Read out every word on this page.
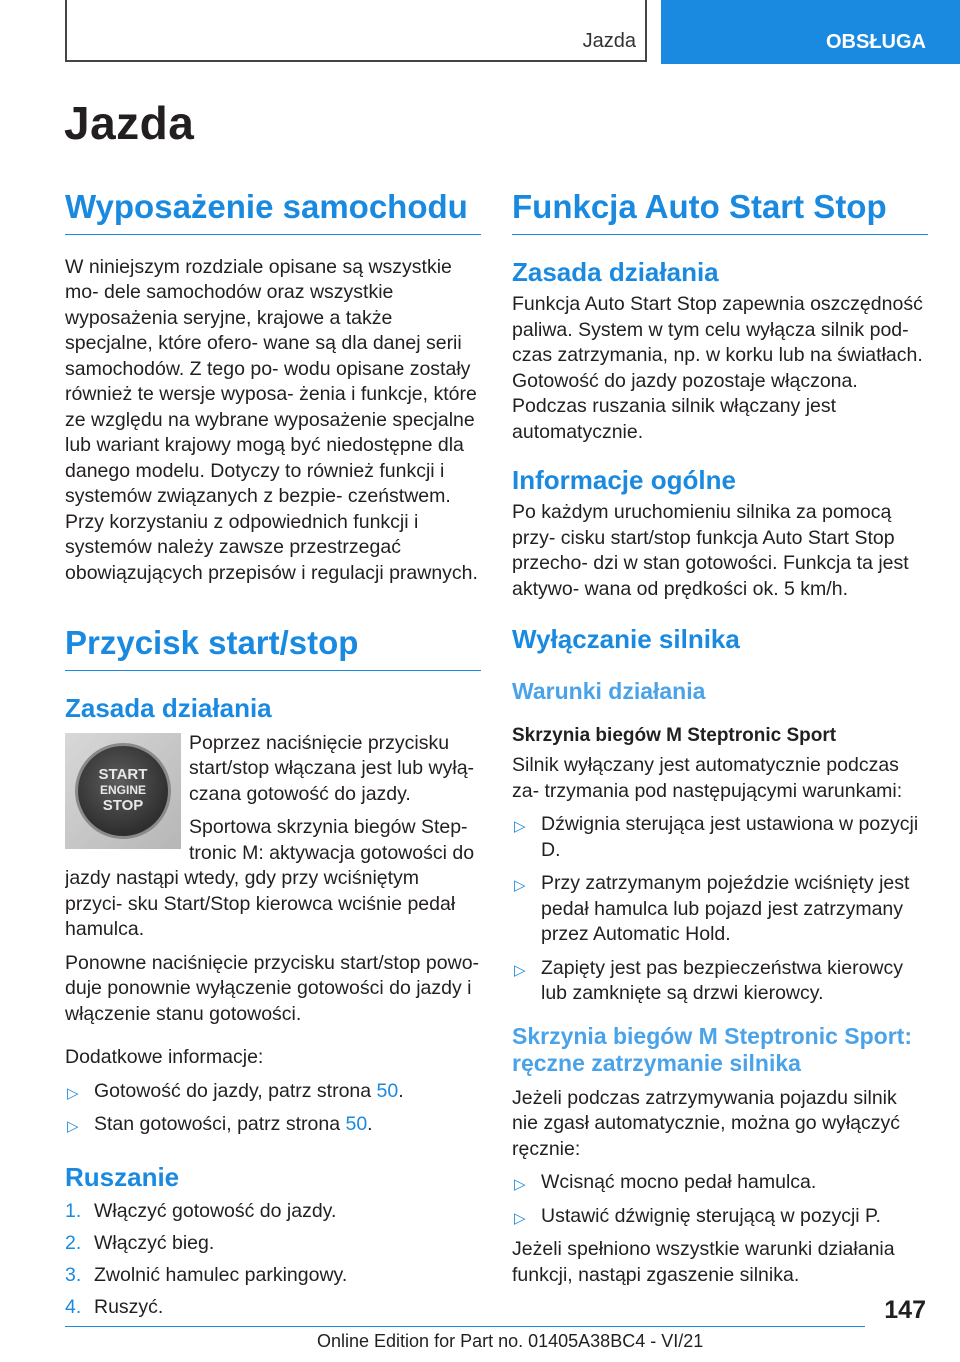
Jazda	OBSŁUGA
Jazda
Wyposażenie samochodu

W niniejszym rozdziale opisane są wszystkie mo‐ dele samochodów oraz wszystkie wyposażenia seryjne, krajowe a także specjalne, które ofero‐ wane są dla danej serii samochodów. Z tego po‐ wodu opisane zostały również te wersje wyposa‐ żenia i funkcje, które ze względu na wybrane wyposażenie specjalne lub wariant krajowy mogą być niedostępne dla danego modelu. Dotyczy to również funkcji i systemów związanych z bezpie‐ czeństwem. Przy korzystaniu z odpowiednich funkcji i systemów należy zawsze przestrzegać obowiązujących przepisów i regulacji prawnych.

Przycisk start/stop
Zasada działania
START
ENGINE
STOP

Poprzez naciśnięcie przycisku start/stop włączana jest lub wyłą‐ czana gotowość do jazdy.

Sportowa skrzynia biegów Step‐ tronic M: aktywacja gotowości do jazdy nastąpi wtedy, gdy przy wciśniętym przyci‐ sku Start/Stop kierowca wciśnie pedał hamulca.

Ponowne naciśnięcie przycisku start/stop powo‐ duje ponownie wyłączenie gotowości do jazdy i włączenie stanu gotowości.

Dodatkowe informacje:

▷ Gotowość do jazdy, patrz strona 50.
▷ Stan gotowości, patrz strona 50.
Ruszanie
1. Włączyć gotowość do jazdy.
2. Włączyć bieg.
3. Zwolnić hamulec parkingowy.
4. Ruszyć.
Funkcja Auto Start Stop
Zasada działania

Funkcja Auto Start Stop zapewnia oszczędność paliwa. System w tym celu wyłącza silnik pod‐ czas zatrzymania, np. w korku lub na światłach. Gotowość do jazdy pozostaje włączona. Podczas ruszania silnik włączany jest automatycznie.

Informacje ogólne

Po każdym uruchomieniu silnika za pomocą przy‐ cisku start/stop funkcja Auto Start Stop przecho‐ dzi w stan gotowości. Funkcja ta jest aktywo‐ wana od prędkości ok. 5 km/h.

Wyłączanie silnika
Warunki działania
Skrzynia biegów M Steptronic Sport

Silnik wyłączany jest automatycznie podczas za‐ trzymania pod następującymi warunkami:

▷ Dźwignia sterująca jest ustawiona w pozycji D.
▷ Przy zatrzymanym pojeździe wciśnięty jest pedał hamulca lub pojazd jest zatrzymany przez Automatic Hold.
▷ Zapięty jest pas bezpieczeństwa kierowcy lub zamknięte są drzwi kierowcy.
Skrzynia biegów M Steptronic Sport: ręczne zatrzymanie silnika

Jeżeli podczas zatrzymywania pojazdu silnik nie zgasł automatycznie, można go wyłączyć ręcznie:

▷ Wcisnąć mocno pedał hamulca.
▷ Ustawić dźwignię sterującą w pozycji P.

Jeżeli spełniono wszystkie warunki działania funkcji, nastąpi zgaszenie silnika.

147
Online Edition for Part no. 01405A38BC4 - VI/21
